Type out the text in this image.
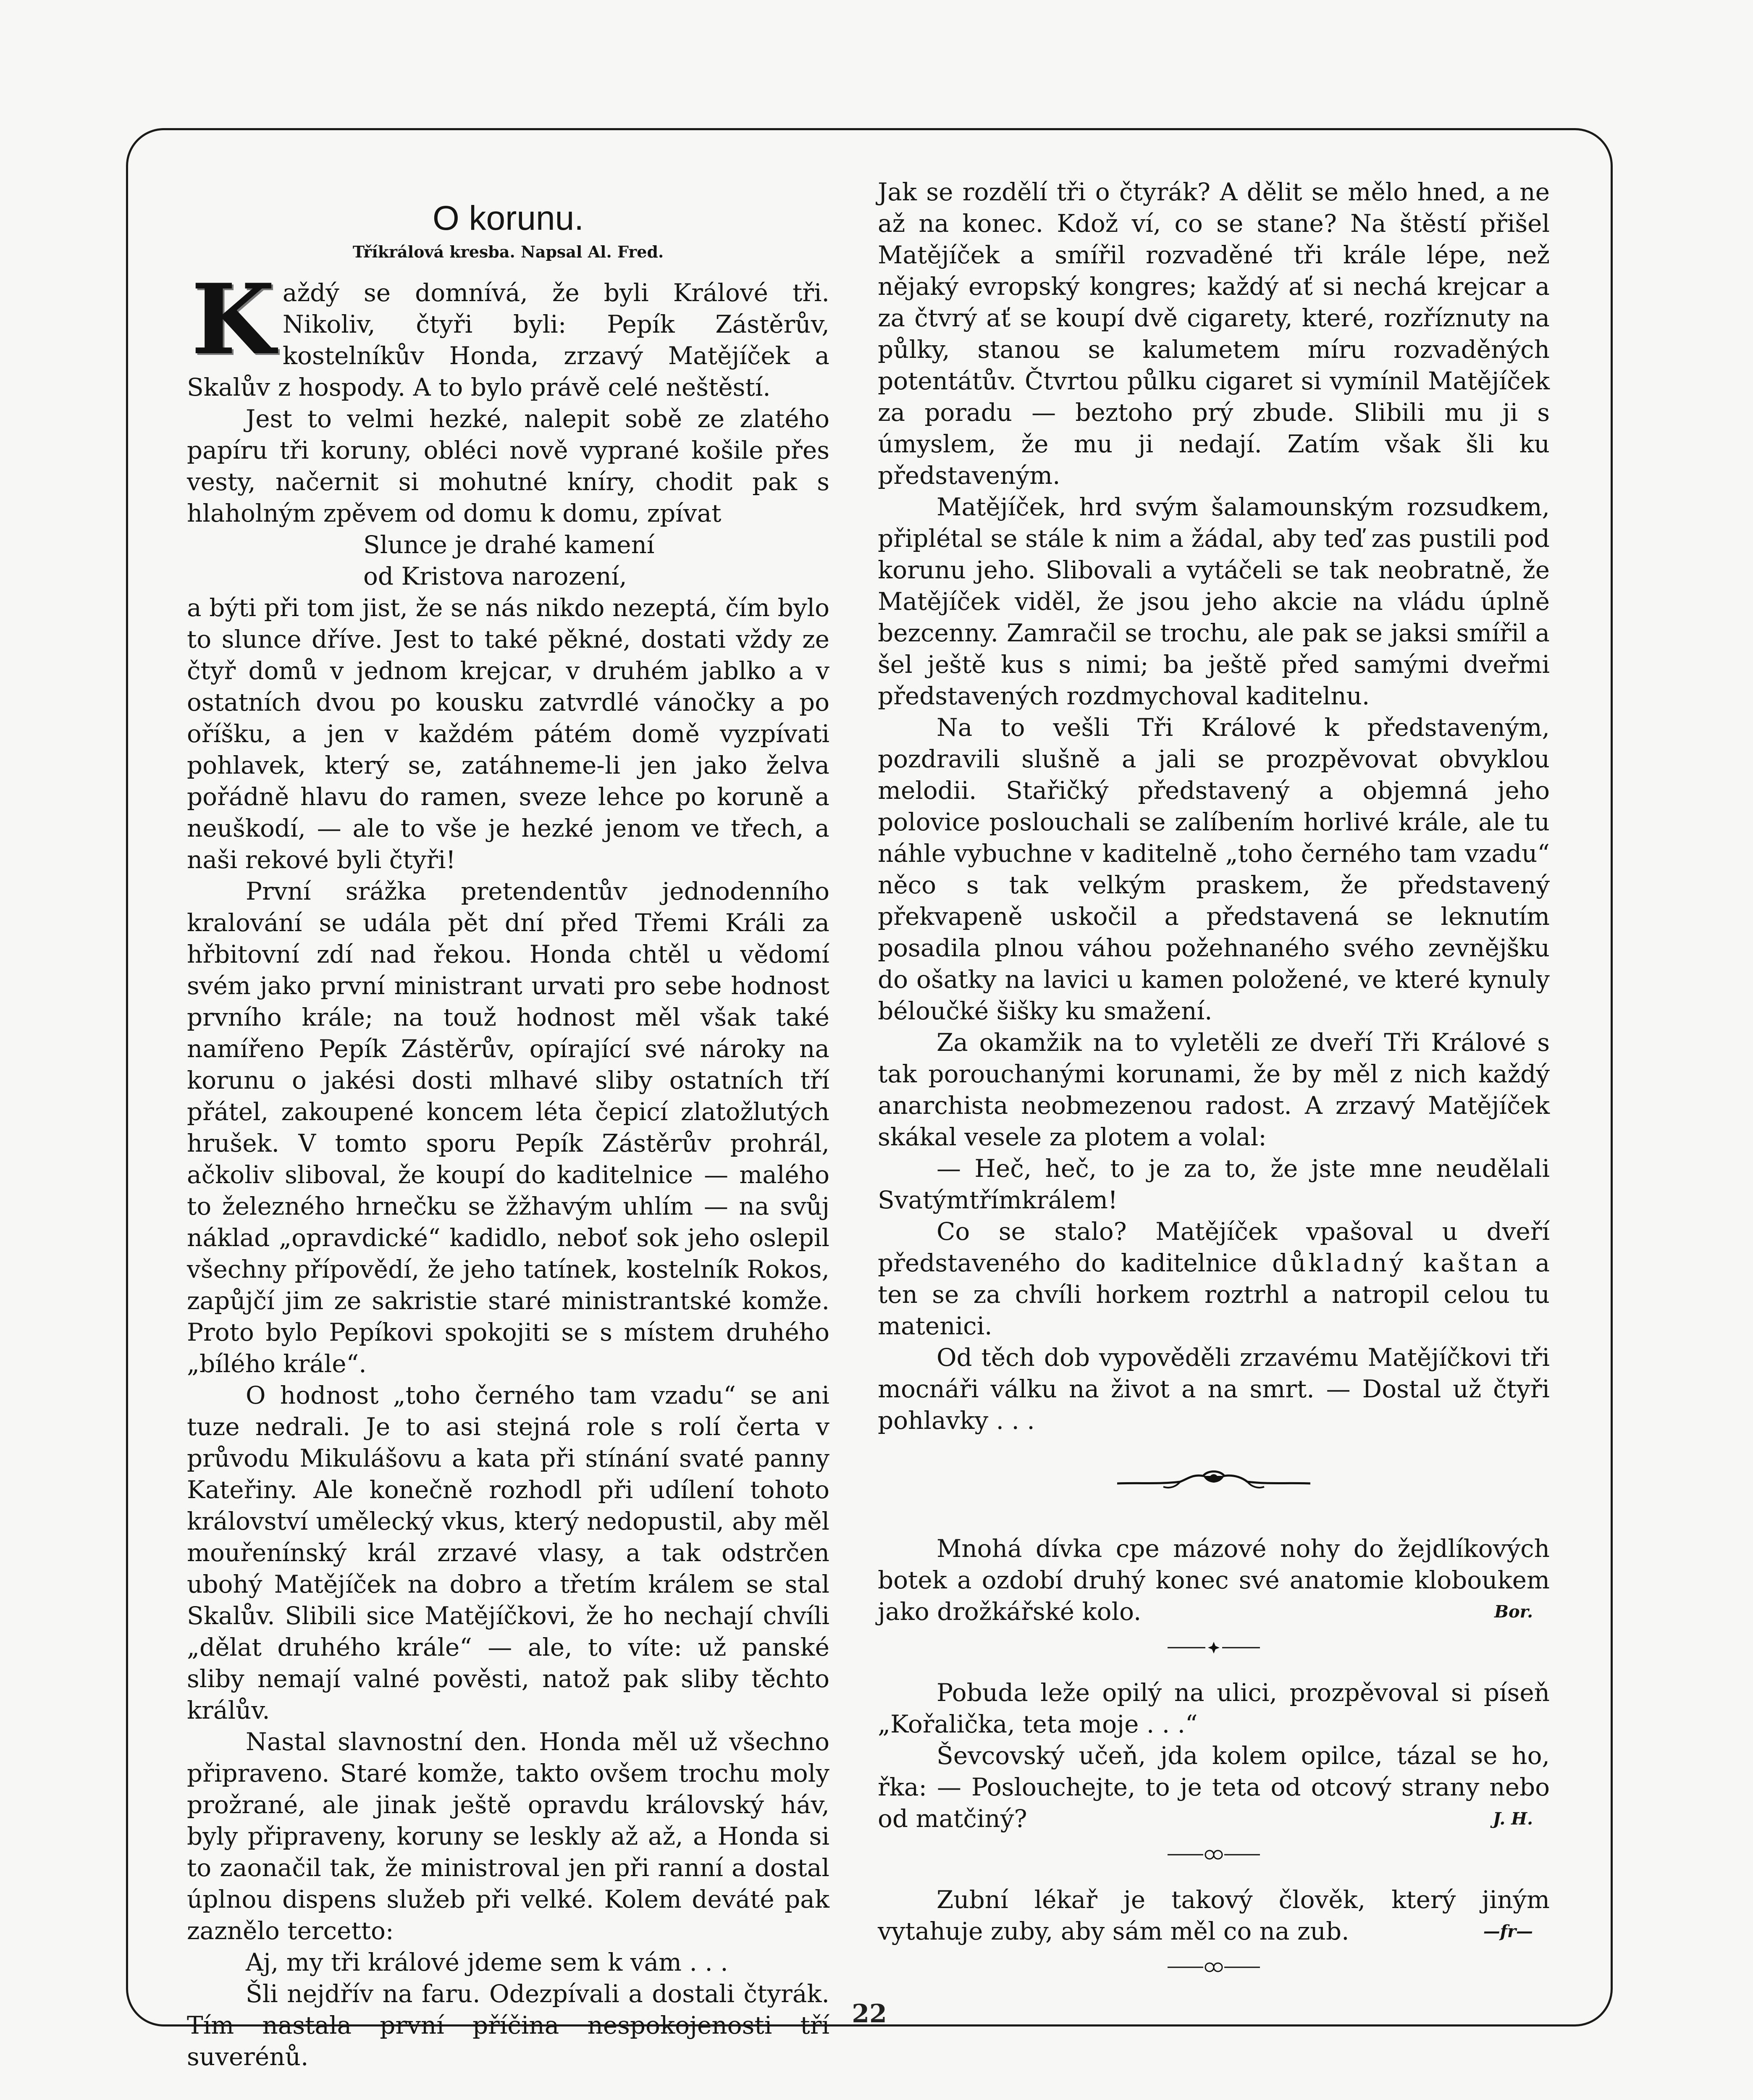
O korunu.

Tříkrálová kresba. Napsal Al. Fred.

Každý se domnívá, že byli Králové tři. Nikoliv, čtyři byli: Pepík Zástěrův, kostelníkův Honda, zrzavý Matějíček a Skalův z hospody. A to bylo právě celé neštěstí.

Jest to velmi hezké, nalepit sobě ze zlatého papíru tři koruny, obléci nově vyprané košile přes vesty, načernit si mohutné kníry, chodit pak s hlaholným zpěvem od domu k domu, zpívat

Slunce je drahé kamení

od Kristova narození,

a býti při tom jist, že se nás nikdo nezeptá, čím bylo to slunce dříve. Jest to také pěkné, dostati vždy ze čtyř domů v jednom krejcar, v druhém jablko a v ostatních dvou po kousku zatvrdlé vánočky a po oříšku, a jen v každém pátém domě vyzpívati pohlavek, který se, zatáhneme-li jen jako želva pořádně hlavu do ramen, sveze lehce po koruně a neuškodí, — ale to vše je hezké jenom ve třech, a naši rekové byli čtyři!

První srážka pretendentův jednodenního kralování se udála pět dní před Třemi Králi za hřbitovní zdí nad řekou. Honda chtěl u vědomí svém jako první ministrant urvati pro sebe hodnost prvního krále; na touž hodnost měl však také namířeno Pepík Zástěrův, opírající své nároky na korunu o jakési dosti mlhavé sliby ostatních tří přátel, zakoupené koncem léta čepicí zlatožlutých hrušek. V tomto sporu Pepík Zástěrův prohrál, ačkoliv sliboval, že koupí do kaditelnice — malého to železného hrnečku se žžhavým uhlím — na svůj náklad „opravdické“ kadidlo, neboť sok jeho oslepil všechny přípovědí, že jeho tatínek, kostelník Rokos, zapůjčí jim ze sakristie staré ministrantské komže. Proto bylo Pepíkovi spokojiti se s místem druhého „bílého krále“.

O hodnost „toho černého tam vzadu“ se ani tuze nedrali. Je to asi stejná role s rolí čerta v průvodu Mikulášovu a kata při stínání svaté panny Kateřiny. Ale konečně rozhodl při udílení tohoto království umělecký vkus, který nedopustil, aby měl mouřenínský král zrzavé vlasy, a tak odstrčen ubohý Matějíček na dobro a třetím králem se stal Skalův. Slibili sice Matějíčkovi, že ho nechají chvíli „dělat druhého krále“ — ale, to víte: už panské sliby nemají valné pověsti, natož pak sliby těchto králův.

Nastal slavnostní den. Honda měl už všechno připraveno. Staré komže, takto ovšem trochu moly prožrané, ale jinak ještě opravdu královský háv, byly připraveny, koruny se leskly až až, a Honda si to zaonačil tak, že ministroval jen při ranní a dostal úplnou dispens služeb při velké. Kolem deváté pak zaznělo tercetto:

Aj, my tři králové jdeme sem k vám . . .

Šli nejdřív na faru. Odezpívali a dostali čtyrák. Tím nastala první příčina nespokojenosti tří suverénů.

Jak se rozdělí tři o čtyrák? A dělit se mělo hned, a ne až na konec. Kdož ví, co se stane? Na štěstí přišel Matějíček a smířil rozvaděné tři krále lépe, než nějaký evropský kongres; každý ať si nechá krejcar a za čtvrý ať se koupí dvě cigarety, které, rozříznuty na půlky, stanou se kalumetem míru rozvaděných potentátův. Čtvrtou půlku cigaret si vymínil Matějíček za poradu — beztoho prý zbude. Slibili mu ji s úmyslem, že mu ji nedají. Zatím však šli ku představeným.

Matějíček, hrd svým šalamounským rozsudkem, připlétal se stále k nim a žádal, aby teď zas pustili pod korunu jeho. Slibovali a vytáčeli se tak neobratně, že Matějíček viděl, že jsou jeho akcie na vládu úplně bezcenny. Zamračil se trochu, ale pak se jaksi smířil a šel ještě kus s nimi; ba ještě před samými dveřmi představených rozdmychoval kaditelnu.

Na to vešli Tři Králové k představeným, pozdravili slušně a jali se prozpěvovat obvyklou melodii. Stařičký představený a objemná jeho polovice poslouchali se zalíbením horlivé krále, ale tu náhle vybuchne v kaditelně „toho černého tam vzadu“ něco s tak velkým praskem, že představený překvapeně uskočil a představená se leknutím posadila plnou váhou požehnaného svého zevnějšku do ošatky na lavici u kamen položené, ve které kynuly béloučké šišky ku smažení.

Za okamžik na to vyletěli ze dveří Tři Králové s tak porouchanými korunami, že by měl z nich každý anarchista neobmezenou radost. A zrzavý Matějíček skákal vesele za plotem a volal:

— Heč, heč, to je za to, že jste mne neudělali Svatýmtřímkrálem!

Co se stalo? Matějíček vpašoval u dveří představeného do kaditelnice důkladný kaštan a ten se za chvíli horkem roztrhl a natropil celou tu matenici.

Od těch dob vypověděli zrzavému Matějíčkovi tři mocnáři válku na život a na smrt. — Dostal už čtyři pohlavky . . .

Mnohá dívka cpe mázové nohy do žejdlíkových botek a ozdobí druhý konec své anatomie kloboukem jako drožkářské kolo.	Bor.

Pobuda leže opilý na ulici, prozpěvoval si píseň „Kořalička, teta moje . . .“

Ševcovský učeň, jda kolem opilce, tázal se ho, řka: — Poslouchejte, to je teta od otcový strany nebo od matčiný?	J. H.

Zubní lékař je takový člověk, který jiným vytahuje zuby, aby sám měl co na zub.	—fr—

22
